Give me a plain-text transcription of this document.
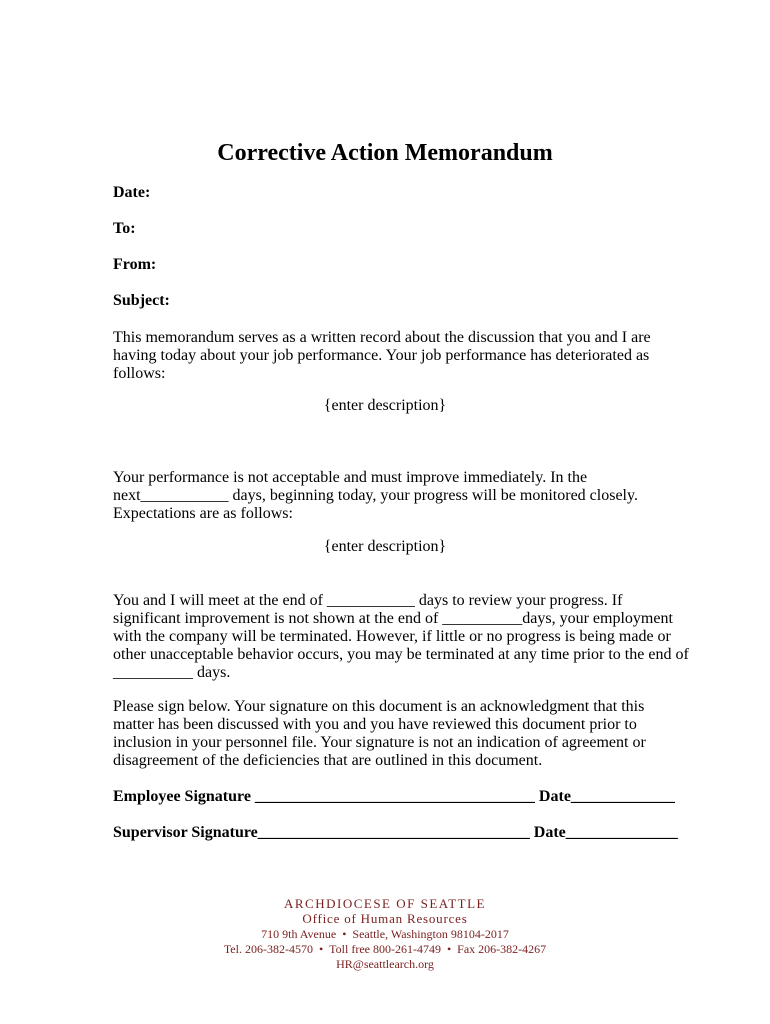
Corrective Action Memorandum
Date:
To:
From:
Subject:
This memorandum serves as a written record about the discussion that you and I are
having today about your job performance. Your job performance has deteriorated as
follows:
{enter description}
Your performance is not acceptable and must improve immediately. In the
next___________ days, beginning today, your progress will be monitored closely.
Expectations are as follows:
{enter description}
You and I will meet at the end of ___________ days to review your progress. If
significant improvement is not shown at the end of __________days, your employment
with the company will be terminated. However, if little or no progress is being made or
other unacceptable behavior occurs, you may be terminated at any time prior to the end of
__________ days.
Please sign below. Your signature on this document is an acknowledgment that this
matter has been discussed with you and you have reviewed this document prior to
inclusion in your personnel file. Your signature is not an indication of agreement or
disagreement of the deficiencies that are outlined in this document.
Employee Signature ___________________________________ Date_____________
Supervisor Signature__________________________________ Date______________
ARCHDIOCESE OF SEATTLE
Office of Human Resources
710 9th Avenue • Seattle, Washington 98104-2017
Tel. 206-382-4570 • Toll free 800-261-4749 • Fax 206-382-4267
HR@seattlearch.org
